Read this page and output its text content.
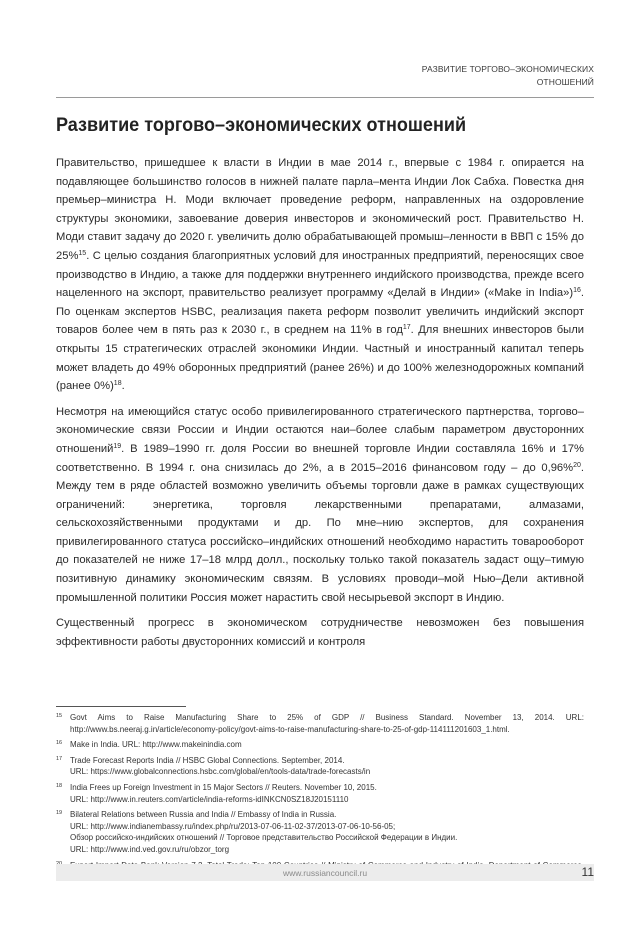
РАЗВИТИЕ ТОРГОВО–ЭКОНОМИЧЕСКИХ
ОТНОШЕНИЙ
Развитие торгово–экономических отношений

Правительство, пришедшее к власти в Индии в мае 2014 г., впервые с 1984 г. опирается на подавляющее большинство голосов в нижней палате парла–мента Индии Лок Сабха. Повестка дня премьер–министра Н. Моди включает проведение реформ, направленных на оздоровление структуры экономики, завоевание доверия инвесторов и экономический рост. Правительство Н. Моди ставит задачу до 2020 г. увеличить долю обрабатывающей промыш–ленности в ВВП с 15% до 25%$^{15}$. С целью создания благоприятных условий для иностранных предприятий, переносящих свое производство в Индию, а также для поддержки внутреннего индийского производства, прежде всего нацеленного на экспорт, правительство реализует программу «Делай в Индии» («Make in India»)$^{16}$. По оценкам экспертов HSBC, реализация пакета реформ позволит увеличить индийский экспорт товаров более чем в пять раз к 2030 г., в среднем на 11% в год$^{17}$. Для внешних инвесторов были открыты 15 стратегических отраслей экономики Индии. Частный и иностранный капитал теперь может владеть до 49% оборонных предприятий (ранее 26%) и до 100% железнодорожных компаний (ранее 0%)$^{18}$.

Несмотря на имеющийся статус особо привилегированного стратегического партнерства, торгово–экономические связи России и Индии остаются наи–более слабым параметром двусторонних отношений$^{19}$. В 1989–1990 гг. доля России во внешней торговле Индии составляла 16% и 17% соответственно. В 1994 г. она снизилась до 2%, а в 2015–2016 финансовом году – до 0,96%$^{20}$. Между тем в ряде областей возможно увеличить объемы торговли даже в рамках существующих ограничений: энергетика, торговля лекарственными препаратами, алмазами, сельскохозяйственными продуктами и др. По мне–нию экспертов, для сохранения привилегированного статуса российско–индийских отношений необходимо нарастить товарооборот до показателей не ниже 17–18 млрд долл., поскольку только такой показатель задаст ощу–тимую позитивную динамику экономическим связям. В условиях проводи–мой Нью–Дели активной промышленной политики Россия может нарастить свой несырьевой экспорт в Индию.

Существенный прогресс в экономическом сотрудничестве невозможен без повышения эффективности работы двусторонних комиссий и контроля

15 Govt Aims to Raise Manufacturing Share to 25% of GDP // Business Standard. November 13, 2014. URL: http://www.bs.neeraj.g.in/article/economy-policy/govt-aims-to-raise-manufacturing-share-to-25-of-gdp-114111201603_1.html.
16 Make in India. URL: http://www.makeinindia.com
17 Trade Forecast Reports India // HSBC Global Connections. September, 2014.
URL: https://www.globalconnections.hsbc.com/global/en/tools-data/trade-forecasts/in
18 India Frees up Foreign Investment in 15 Major Sectors // Reuters. November 10, 2015.
URL: http://www.in.reuters.com/article/india-reforms-idINKCN0SZ18J20151110
19 Bilateral Relations between Russia and India // Embassy of India in Russia.
URL: http://www.indianembassy.ru/index.php/ru/2013-07-06-11-02-37/2013-07-06-10-56-05;
Обзор российско-индийских отношений // Торговое представительство Российской Федерации в Индии.
URL: http://www.ind.ved.gov.ru/ru/obzor_torg
www.russiancouncil.ru	11
